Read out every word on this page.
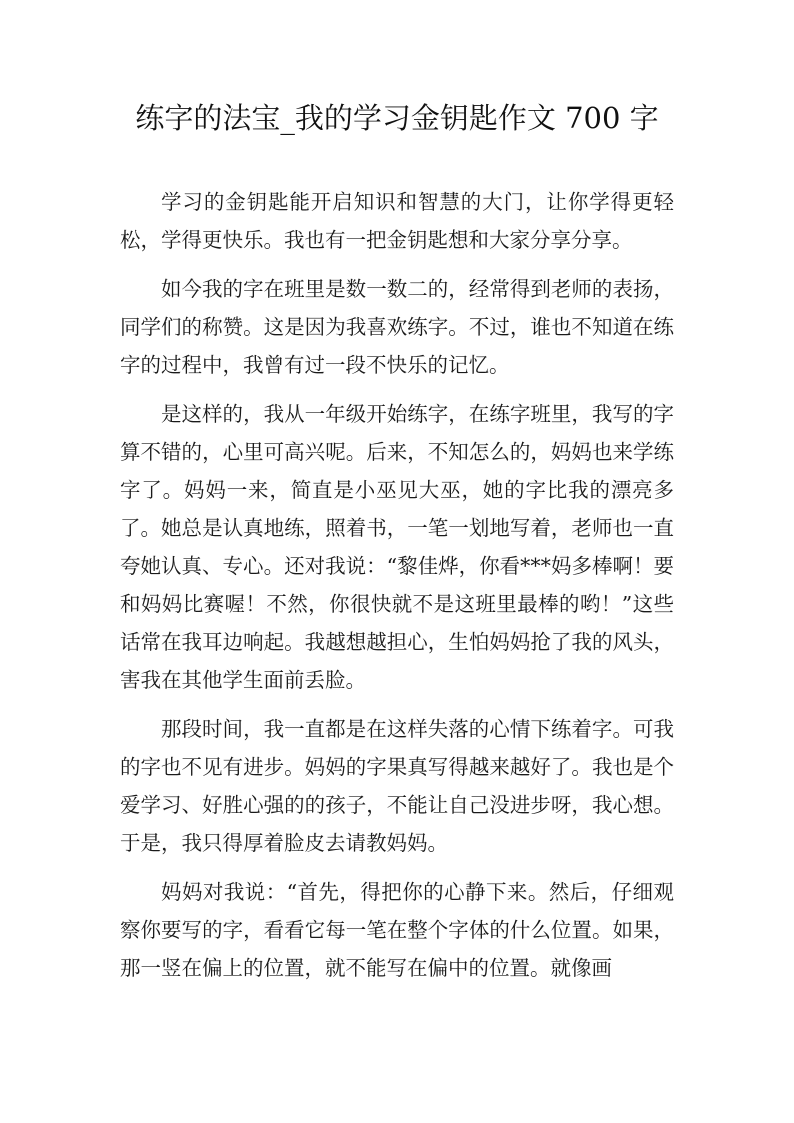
练字的法宝_我的学习金钥匙作文 700 字

学习的金钥匙能开启知识和智慧的大门，让你学得更轻松，学得更快乐。我也有一把金钥匙想和大家分享分享。

如今我的字在班里是数一数二的，经常得到老师的表扬，同学们的称赞。这是因为我喜欢练字。不过，谁也不知道在练字的过程中，我曾有过一段不快乐的记忆。

是这样的，我从一年级开始练字，在练字班里，我写的字算不错的，心里可高兴呢。后来，不知怎么的，妈妈也来学练字了。妈妈一来，简直是小巫见大巫，她的字比我的漂亮多了。她总是认真地练，照着书，一笔一划地写着，老师也一直夸她认真、专心。还对我说：“黎佳烨，你看***妈多棒啊！要和妈妈比赛喔！不然，你很快就不是这班里最棒的哟！”这些话常在我耳边响起。我越想越担心，生怕妈妈抢了我的风头，害我在其他学生面前丢脸。

那段时间，我一直都是在这样失落的心情下练着字。可我的字也不见有进步。妈妈的字果真写得越来越好了。我也是个爱学习、好胜心强的的孩子，不能让自己没进步呀，我心想。于是，我只得厚着脸皮去请教妈妈。

妈妈对我说：“首先，得把你的心静下来。然后，仔细观察你要写的字，看看它每一笔在整个字体的什么位置。如果，那一竖在偏上的位置，就不能写在偏中的位置。就像画
